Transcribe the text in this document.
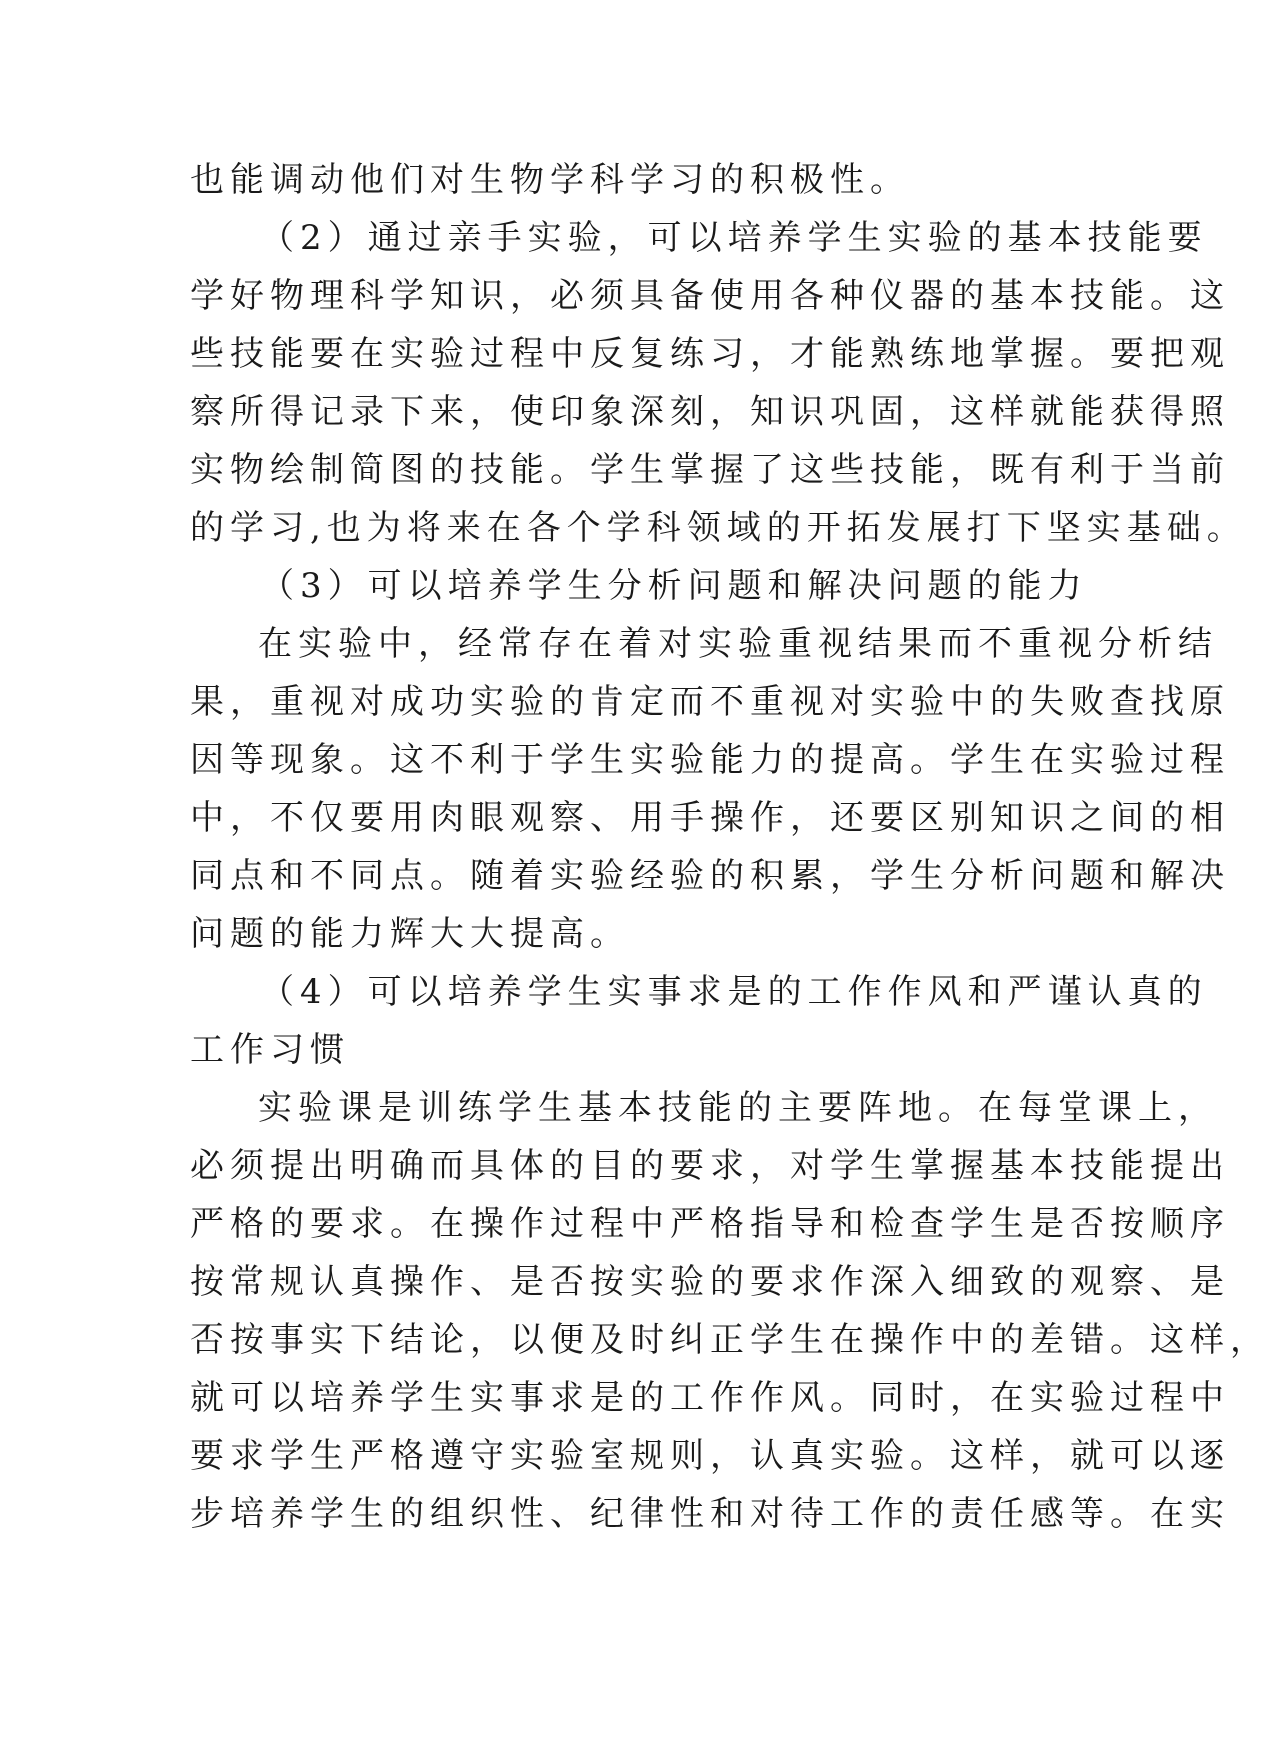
也能调动他们对生物学科学习的积极性。
（2）通过亲手实验，可以培养学生实验的基本技能要
学好物理科学知识，必须具备使用各种仪器的基本技能。这
些技能要在实验过程中反复练习，才能熟练地掌握。要把观
察所得记录下来，使印象深刻，知识巩固，这样就能获得照
实物绘制简图的技能。学生掌握了这些技能，既有利于当前
的学习,也为将来在各个学科领域的开拓发展打下坚实基础。
（3）可以培养学生分析问题和解决问题的能力
在实验中，经常存在着对实验重视结果而不重视分析结
果，重视对成功实验的肯定而不重视对实验中的失败查找原
因等现象。这不利于学生实验能力的提高。学生在实验过程
中，不仅要用肉眼观察、用手操作，还要区别知识之间的相
同点和不同点。随着实验经验的积累，学生分析问题和解决
问题的能力辉大大提高。
（4）可以培养学生实事求是的工作作风和严谨认真的
工作习惯
实验课是训练学生基本技能的主要阵地。在每堂课上，
必须提出明确而具体的目的要求，对学生掌握基本技能提出
严格的要求。在操作过程中严格指导和检查学生是否按顺序
按常规认真操作、是否按实验的要求作深入细致的观察、是
否按事实下结论，以便及时纠正学生在操作中的差错。这样，
就可以培养学生实事求是的工作作风。同时，在实验过程中
要求学生严格遵守实验室规则，认真实验。这样，就可以逐
步培养学生的组织性、纪律性和对待工作的责任感等。在实
